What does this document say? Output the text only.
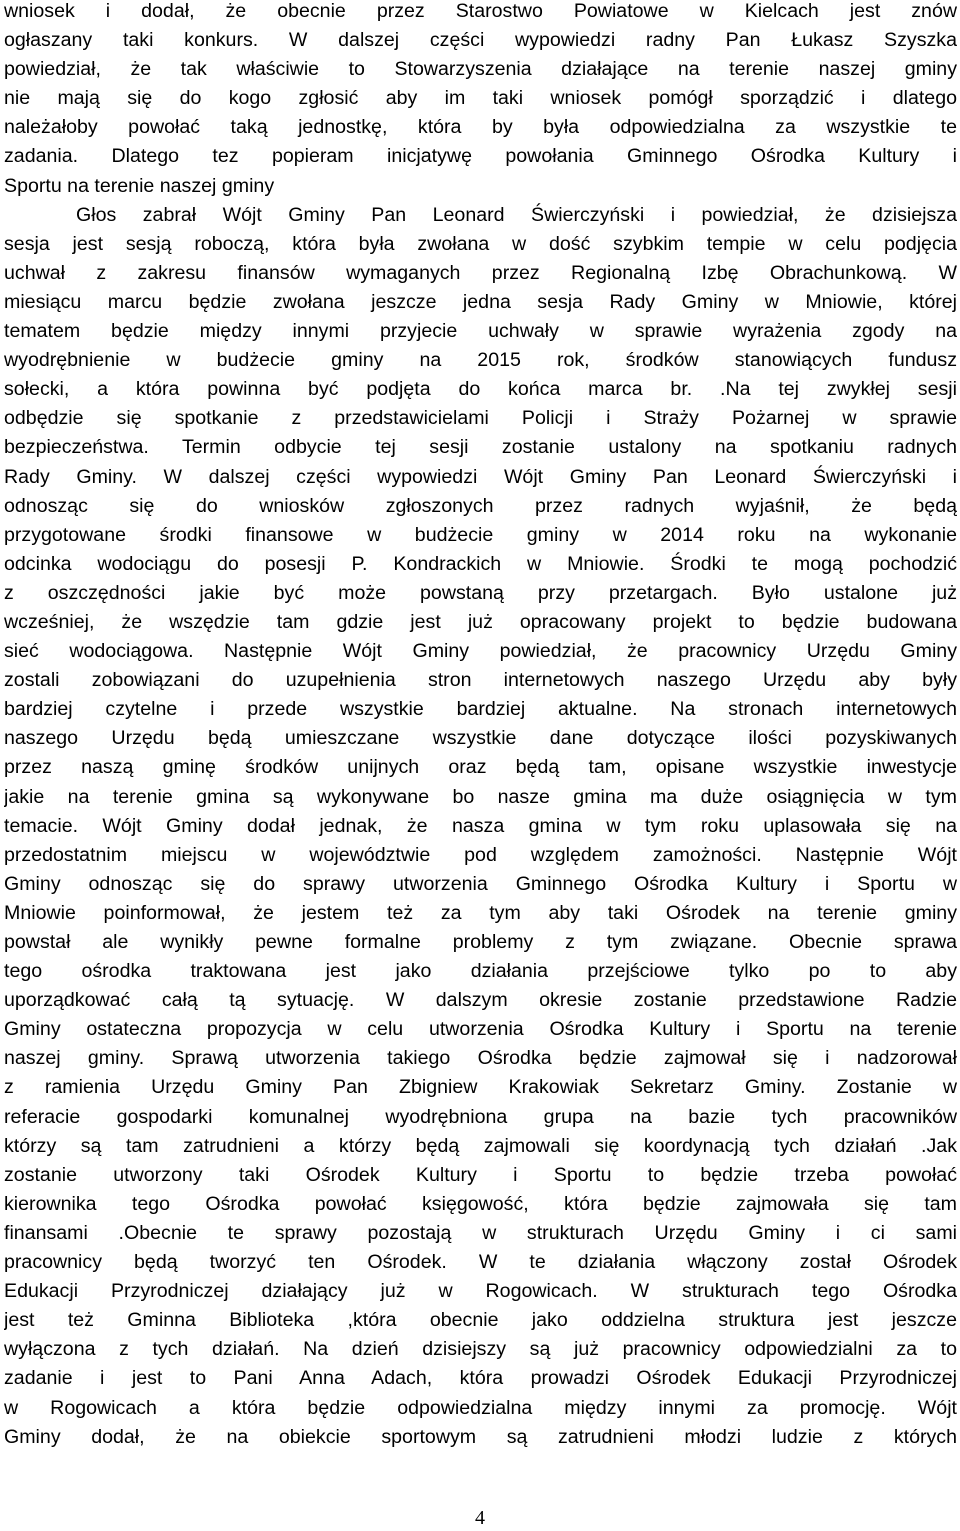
wniosek i dodał, że obecnie przez Starostwo Powiatowe w Kielcach jest znów
ogłaszany taki konkurs. W dalszej części wypowiedzi radny Pan Łukasz Szyszka
powiedział, że tak właściwie to Stowarzyszenia działające na terenie naszej gminy
nie mają się do kogo zgłosić aby im taki wniosek pomógł sporządzić i dlatego
należałoby powołać taką jednostkę, która by była odpowiedzialna za wszystkie te
zadania. Dlatego tez popieram inicjatywę powołania Gminnego Ośrodka Kultury i
Sportu na terenie naszej gminy
Głos zabrał Wójt Gminy Pan Leonard Świerczyński i powiedział, że dzisiejsza
sesja jest sesją roboczą, która była zwołana w dość szybkim tempie w celu podjęcia
uchwał z zakresu finansów wymaganych przez Regionalną Izbę Obrachunkową. W
miesiącu marcu będzie zwołana jeszcze jedna sesja Rady Gminy w Mniowie, której
tematem będzie między innymi przyjecie uchwały w sprawie wyrażenia zgody na
wyodrębnienie w budżecie gminy na 2015 rok, środków stanowiących fundusz
sołecki, a która powinna być podjęta do końca marca br. .Na tej zwykłej sesji
odbędzie się spotkanie z przedstawicielami Policji i Straży Pożarnej w sprawie
bezpieczeństwa. Termin odbycie tej sesji zostanie ustalony na spotkaniu radnych
Rady Gminy. W dalszej części wypowiedzi Wójt Gminy Pan Leonard Świerczyński i
odnosząc się do wniosków zgłoszonych przez radnych wyjaśnił, że będą
przygotowane środki finansowe w budżecie gminy w 2014 roku na wykonanie
odcinka wodociągu do posesji P. Kondrackich w Mniowie. Środki te mogą pochodzić
z oszczędności jakie być może powstaną przy przetargach. Było ustalone już
wcześniej, że wszędzie tam gdzie jest już opracowany projekt to będzie budowana
sieć wodociągowa. Następnie Wójt Gminy powiedział, że pracownicy Urzędu Gminy
zostali zobowiązani do uzupełnienia stron internetowych naszego Urzędu aby były
bardziej czytelne i przede wszystkie bardziej aktualne. Na stronach internetowych
naszego Urzędu będą umieszczane wszystkie dane dotyczące ilości pozyskiwanych
przez naszą gminę środków unijnych oraz będą tam, opisane wszystkie inwestycje
jakie na terenie gmina są wykonywane bo nasze gmina ma duże osiągnięcia w tym
temacie. Wójt Gminy dodał jednak, że nasza gmina w tym roku uplasowała się na
przedostatnim miejscu w województwie pod względem zamożności. Następnie Wójt
Gminy odnosząc się do sprawy utworzenia Gminnego Ośrodka Kultury i Sportu w
Mniowie poinformował, że jestem też za tym aby taki Ośrodek na terenie gminy
powstał ale wynikły pewne formalne problemy z tym związane. Obecnie sprawa
tego ośrodka traktowana jest jako działania przejściowe tylko po to aby
uporządkować całą tą sytuację. W dalszym okresie zostanie przedstawione Radzie
Gminy ostateczna propozycja w celu utworzenia Ośrodka Kultury i Sportu na terenie
naszej gminy. Sprawą utworzenia takiego Ośrodka będzie zajmował się i nadzorował
z ramienia Urzędu Gminy Pan Zbigniew Krakowiak Sekretarz Gminy. Zostanie w
referacie gospodarki komunalnej wyodrębniona grupa na bazie tych pracowników
którzy są tam zatrudnieni a którzy będą zajmowali się koordynacją tych działań .Jak
zostanie utworzony taki Ośrodek Kultury i Sportu to będzie trzeba powołać
kierownika tego Ośrodka powołać księgowość, która będzie zajmowała się tam
finansami .Obecnie te sprawy pozostają w strukturach Urzędu Gminy i ci sami
pracownicy będą tworzyć ten Ośrodek. W te działania włączony został Ośrodek
Edukacji Przyrodniczej działający już w Rogowicach. W strukturach tego Ośrodka
jest też Gminna Biblioteka ,która obecnie jako oddzielna struktura jest jeszcze
wyłączona z tych działań. Na dzień dzisiejszy są już pracownicy odpowiedzialni za to
zadanie i jest to Pani Anna Adach, która prowadzi Ośrodek Edukacji Przyrodniczej
w Rogowicach a która będzie odpowiedzialna między innymi za promocję. Wójt
Gminy dodał, że na obiekcie sportowym są zatrudnieni młodzi ludzie z których
4
